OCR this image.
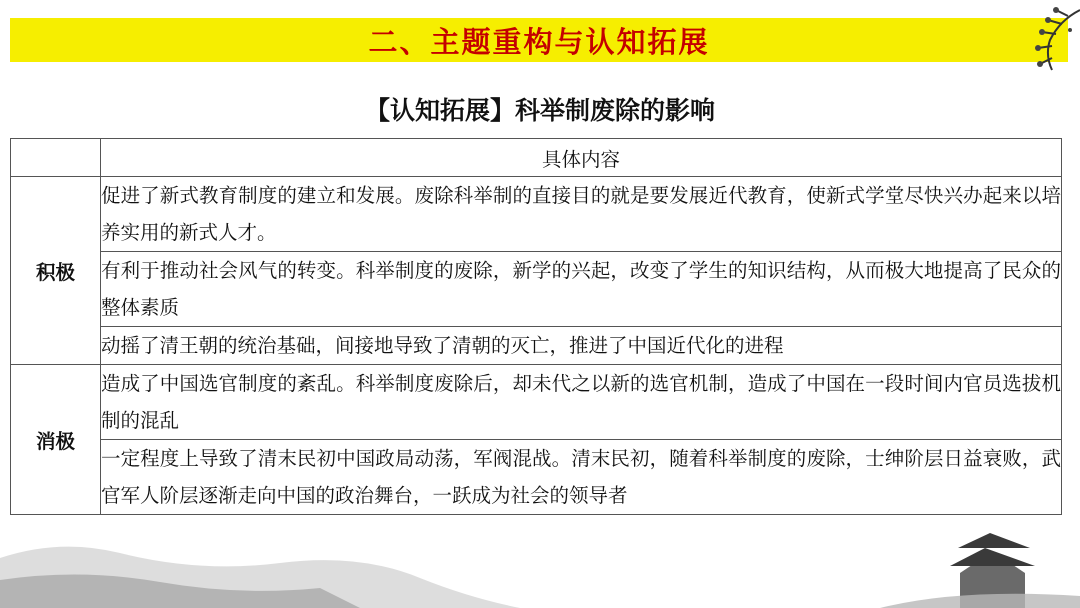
二、主题重构与认知拓展
【认知拓展】科举制废除的影响
	具体内容
积极	促进了新式教育制度的建立和发展。废除科举制的直接目的就是要发展近代教育，使新式学堂尽快兴办起来以培养实用的新式人才。
	有利于推动社会风气的转变。科举制度的废除，新学的兴起，改变了学生的知识结构，从而极大地提高了民众的整体素质
	动摇了清王朝的统治基础，间接地导致了清朝的灭亡，推进了中国近代化的进程
消极	造成了中国选官制度的紊乱。科举制度废除后，却未代之以新的选官机制，造成了中国在一段时间内官员选拔机制的混乱
	一定程度上导致了清末民初中国政局动荡，军阀混战。清末民初，随着科举制度的废除，士绅阶层日益衰败，武官军人阶层逐渐走向中国的政治舞台，一跃成为社会的领导者
